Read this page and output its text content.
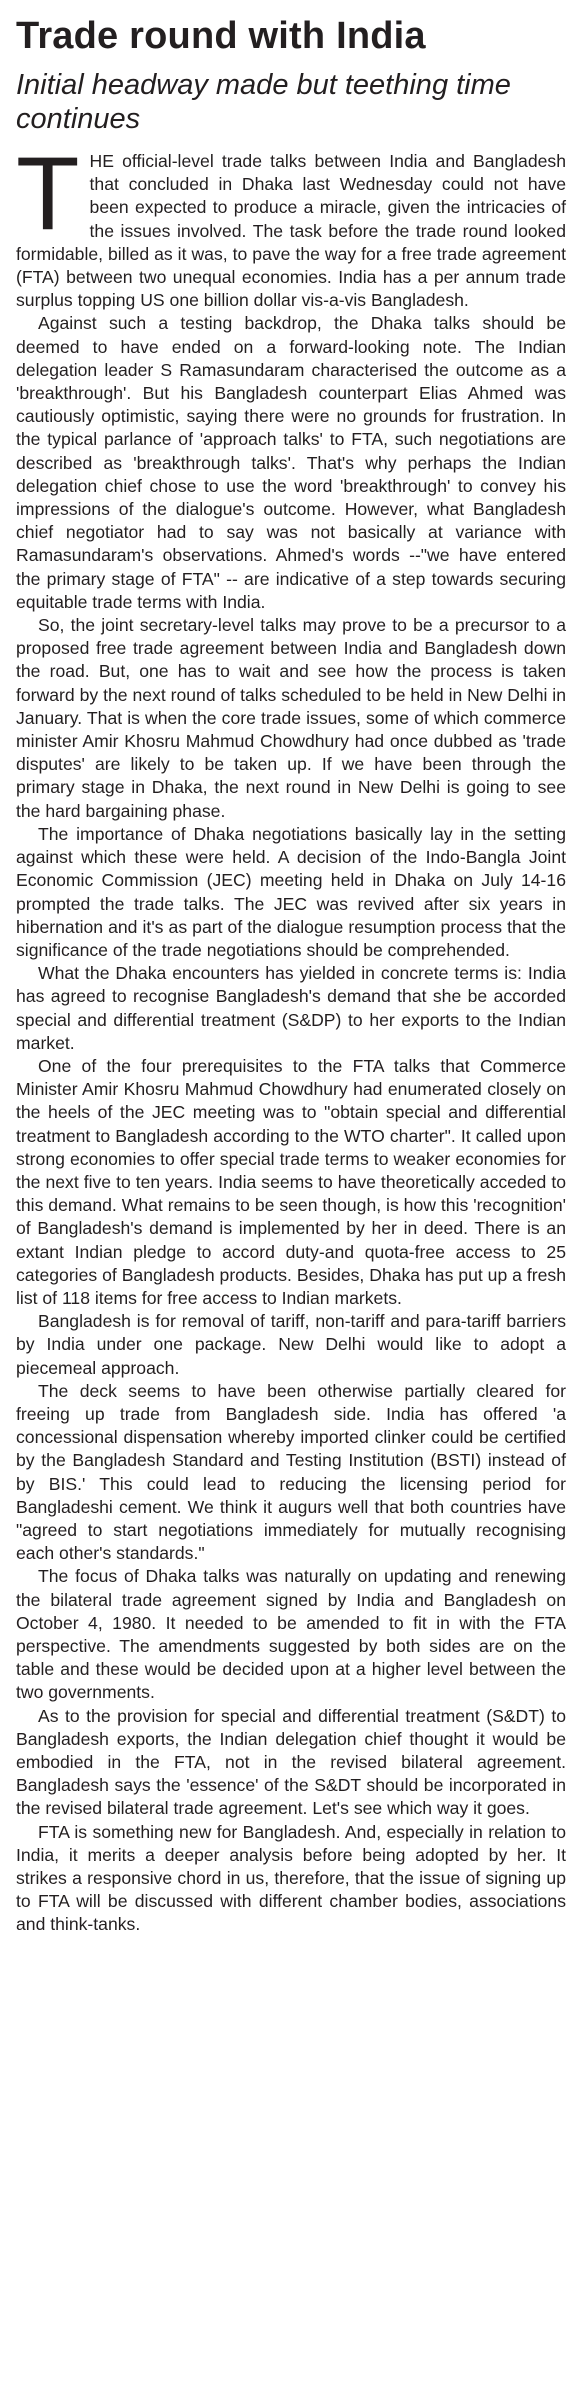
Trade round with India
Initial headway made but teething time continues

THE official-level trade talks between India and Bangladesh that concluded in Dhaka last Wednesday could not have been expected to produce a miracle, given the intricacies of the issues involved. The task before the trade round looked formidable, billed as it was, to pave the way for a free trade agreement (FTA) between two unequal economies. India has a per annum trade surplus topping US one billion dollar vis-a-vis Bangladesh.

Against such a testing backdrop, the Dhaka talks should be deemed to have ended on a forward-looking note. The Indian delegation leader S Ramasundaram characterised the outcome as a 'breakthrough'. But his Bangladesh counterpart Elias Ahmed was cautiously optimistic, saying there were no grounds for frustration. In the typical parlance of 'approach talks' to FTA, such negotiations are described as 'breakthrough talks'. That's why perhaps the Indian delegation chief chose to use the word 'breakthrough' to convey his impressions of the dialogue's outcome. However, what Bangladesh chief negotiator had to say was not basically at variance with Ramasundaram's observations. Ahmed's words --"we have entered the primary stage of FTA" -- are indicative of a step towards securing equitable trade terms with India.

So, the joint secretary-level talks may prove to be a precursor to a proposed free trade agreement between India and Bangladesh down the road. But, one has to wait and see how the process is taken forward by the next round of talks scheduled to be held in New Delhi in January. That is when the core trade issues, some of which commerce minister Amir Khosru Mahmud Chowdhury had once dubbed as 'trade disputes' are likely to be taken up. If we have been through the primary stage in Dhaka, the next round in New Delhi is going to see the hard bargaining phase.

The importance of Dhaka negotiations basically lay in the setting against which these were held. A decision of the Indo-Bangla Joint Economic Commission (JEC) meeting held in Dhaka on July 14-16 prompted the trade talks. The JEC was revived after six years in hibernation and it's as part of the dialogue resumption process that the significance of the trade negotiations should be comprehended.

What the Dhaka encounters has yielded in concrete terms is: India has agreed to recognise Bangladesh's demand that she be accorded special and differential treatment (S&DP) to her exports to the Indian market.

One of the four prerequisites to the FTA talks that Commerce Minister Amir Khosru Mahmud Chowdhury had enumerated closely on the heels of the JEC meeting was to "obtain special and differential treatment to Bangladesh according to the WTO charter". It called upon strong economies to offer special trade terms to weaker economies for the next five to ten years. India seems to have theoretically acceded to this demand. What remains to be seen though, is how this 'recognition' of Bangladesh's demand is implemented by her in deed. There is an extant Indian pledge to accord duty-and quota-free access to 25 categories of Bangladesh products. Besides, Dhaka has put up a fresh list of 118 items for free access to Indian markets.

Bangladesh is for removal of tariff, non-tariff and para-tariff barriers by India under one package. New Delhi would like to adopt a piecemeal approach.

The deck seems to have been otherwise partially cleared for freeing up trade from Bangladesh side. India has offered 'a concessional dispensation whereby imported clinker could be certified by the Bangladesh Standard and Testing Institution (BSTI) instead of by BIS.' This could lead to reducing the licensing period for Bangladeshi cement. We think it augurs well that both countries have "agreed to start negotiations immediately for mutually recognising each other's standards."

The focus of Dhaka talks was naturally on updating and renewing the bilateral trade agreement signed by India and Bangladesh on October 4, 1980. It needed to be amended to fit in with the FTA perspective. The amendments suggested by both sides are on the table and these would be decided upon at a higher level between the two governments.

As to the provision for special and differential treatment (S&DT) to Bangladesh exports, the Indian delegation chief thought it would be embodied in the FTA, not in the revised bilateral agreement. Bangladesh says the 'essence' of the S&DT should be incorporated in the revised bilateral trade agreement. Let's see which way it goes.

FTA is something new for Bangladesh. And, especially in relation to India, it merits a deeper analysis before being adopted by her. It strikes a responsive chord in us, therefore, that the issue of signing up to FTA will be discussed with different chamber bodies, associations and think-tanks.
